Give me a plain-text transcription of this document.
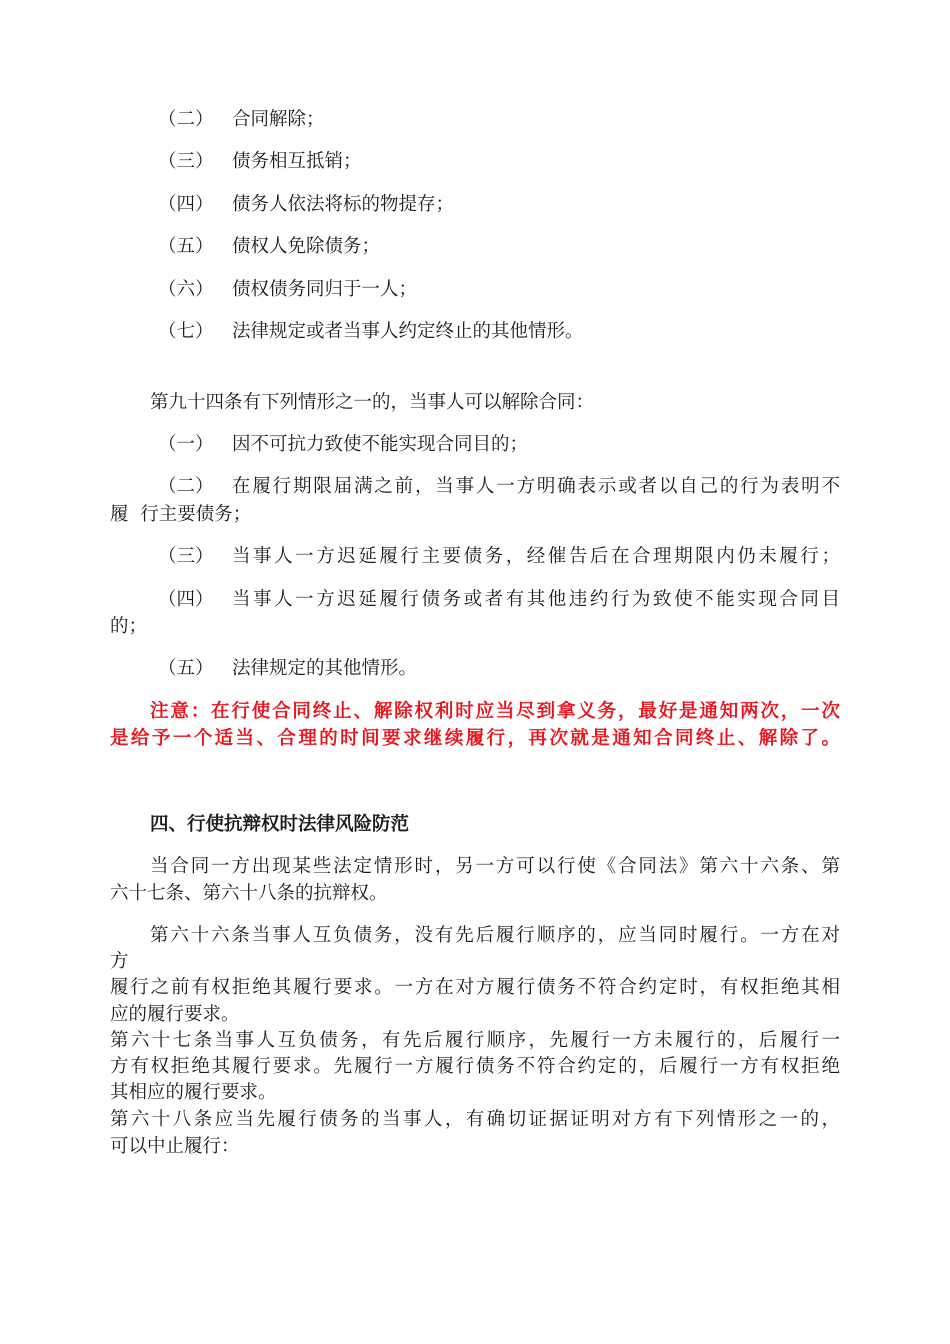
（二） 合同解除；
（三） 债务相互抵销；
（四） 债务人依法将标的物提存；
（五） 债权人免除债务；
（六） 债权债务同归于一人；
（七） 法律规定或者当事人约定终止的其他情形。
第九十四条有下列情形之一的，当事人可以解除合同：
（一） 因不可抗力致使不能实现合同目的；
（二） 在履行期限届满之前，当事人一方明确表示或者以自己的行为表明不
履  行主要债务；
（三） 当事人一方迟延履行主要债务，经催告后在合理期限内仍未履行；
（四） 当事人一方迟延履行债务或者有其他违约行为致使不能实现合同目
的；
（五） 法律规定的其他情形。
注意：在行使合同终止、解除权利时应当尽到拿义务，最好是通知两次，一次
是给予一个适当、合理的时间要求继续履行，再次就是通知合同终止、解除了。
四、行使抗辩权时法律风险防范
当合同一方出现某些法定情形时，另一方可以行使《合同法》第六十六条、第
六十七条、第六十八条的抗辩权。
第六十六条当事人互负债务，没有先后履行顺序的，应当同时履行。一方在对
方
履行之前有权拒绝其履行要求。一方在对方履行债务不符合约定时，有权拒绝其相
应的履行要求。
第六十七条当事人互负债务，有先后履行顺序，先履行一方未履行的，后履行一
方有权拒绝其履行要求。先履行一方履行债务不符合约定的，后履行一方有权拒绝
其相应的履行要求。
第六十八条应当先履行债务的当事人，有确切证据证明对方有下列情形之一的，
可以中止履行：
